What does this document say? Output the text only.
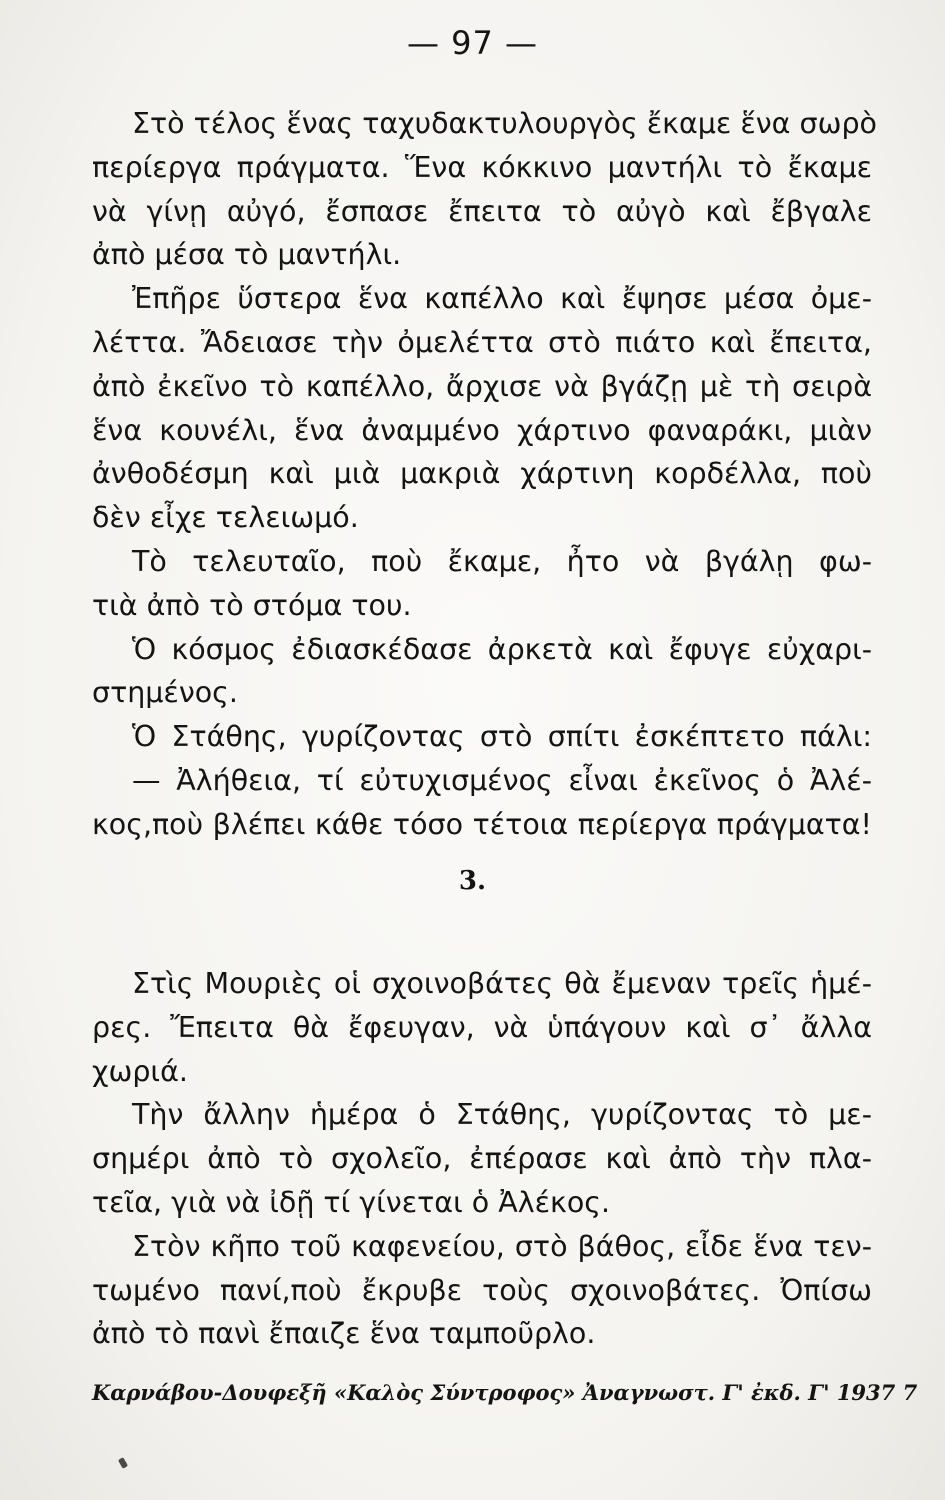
— 97 —
Στὸ τέλος ἕνας ταχυδακτυλουργὸς ἔκαμε ἕνα σωρὸ
περίεργα πράγματα. Ἕνα κόκκινο μαντήλι τὸ ἔκαμε
νὰ γίνῃ αὐγό, ἔσπασε ἔπειτα τὸ αὐγὸ καὶ ἔβγαλε
ἀπὸ μέσα τὸ μαντήλι.
Ἐπῆρε ὕστερα ἕνα καπέλλο καὶ ἔψησε μέσα ὀμε-
λέττα. Ἄδειασε τὴν ὀμελέττα στὸ πιάτο καὶ ἔπειτα,
ἀπὸ ἐκεῖνο τὸ καπέλλο, ἄρχισε νὰ βγάζῃ μὲ τὴ σειρὰ
ἕνα κουνέλι, ἕνα ἀναμμένο χάρτινο φαναράκι, μιὰν
ἀνθοδέσμη καὶ μιὰ μακριὰ χάρτινη κορδέλλα, ποὺ
δὲν εἶχε τελειωμό.
Τὸ τελευταῖο, ποὺ ἔκαμε, ἦτο νὰ βγάλῃ φω-
τιὰ ἀπὸ τὸ στόμα του.
Ὁ κόσμος ἐδιασκέδασε ἀρκετὰ καὶ ἔφυγε εὐχαρι-
στημένος.
Ὁ Στάθης, γυρίζοντας στὸ σπίτι ἐσκέπτετο πάλι:
— Ἀλήθεια, τί εὐτυχισμένος εἶναι ἐκεῖνος ὁ Ἀλέ-
κος,ποὺ βλέπει κάθε τόσο τέτοια περίεργα πράγματα!
3.
Στὶς Μουριὲς οἱ σχοινοβάτες θὰ ἔμεναν τρεῖς ἡμέ-
ρες. Ἔπειτα θὰ ἔφευγαν, νὰ ὑπάγουν καὶ σ᾿ ἄλλα
χωριά.
Τὴν ἄλλην ἡμέρα ὁ Στάθης, γυρίζοντας τὸ με-
σημέρι ἀπὸ τὸ σχολεῖο, ἐπέρασε καὶ ἀπὸ τὴν πλα-
τεῖα, γιὰ νὰ ἰδῇ τί γίνεται ὁ Ἀλέκος.
Στὸν κῆπο τοῦ καφενείου, στὸ βάθος, εἶδε ἕνα τεν-
τωμένο πανί,ποὺ ἔκρυβε τοὺς σχοινοβάτες. Ὀπίσω
ἀπὸ τὸ πανὶ ἔπαιζε ἕνα ταμποῦρλο.
Καρνάβου-Δουφεξῆ «Καλὸς Σύντροφος» Ἀναγνωστ. Γ' ἐκδ. Γ' 1937 7
